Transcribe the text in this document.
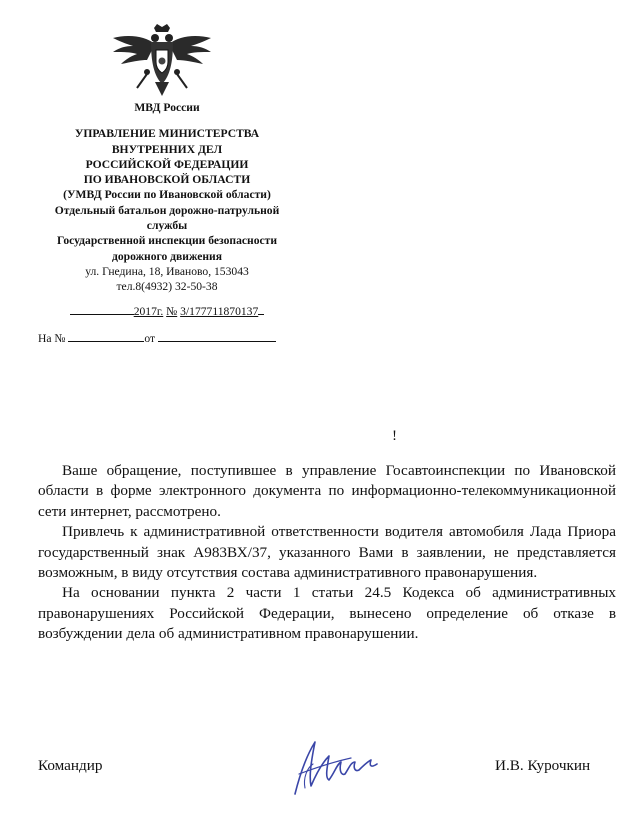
МВД России
УПРАВЛЕНИЕ МИНИСТЕРСТВА
ВНУТРЕННИХ ДЕЛ
РОССИЙСКОЙ ФЕДЕРАЦИИ
ПО ИВАНОВСКОЙ ОБЛАСТИ
(УМВД России по Ивановской области)
Отдельный батальон дорожно-патрульной
службы
Государственной инспекции безопасности
дорожного движения
ул. Гнедина, 18, Иваново, 153043
тел.8(4932) 32-50-38
2017г. № 3/177711870137
На №	от
!

Ваше обращение, поступившее в управление Госавтоинспекции по Ивановской области в форме электронного документа по информационно-телекоммуникационной сети интернет, рассмотрено.

Привлечь к административной ответственности водителя автомобиля Лада Приора государственный знак А983ВХ/37, указанного Вами в заявлении, не представляется возможным, в виду отсутствия состава административного правонарушения.

На основании пункта 2 части 1 статьи 24.5 Кодекса об административных правонарушениях Российской Федерации, вынесено определение об отказе в возбуждении дела об административном правонарушении.

Командир	И.В. Курочкин
